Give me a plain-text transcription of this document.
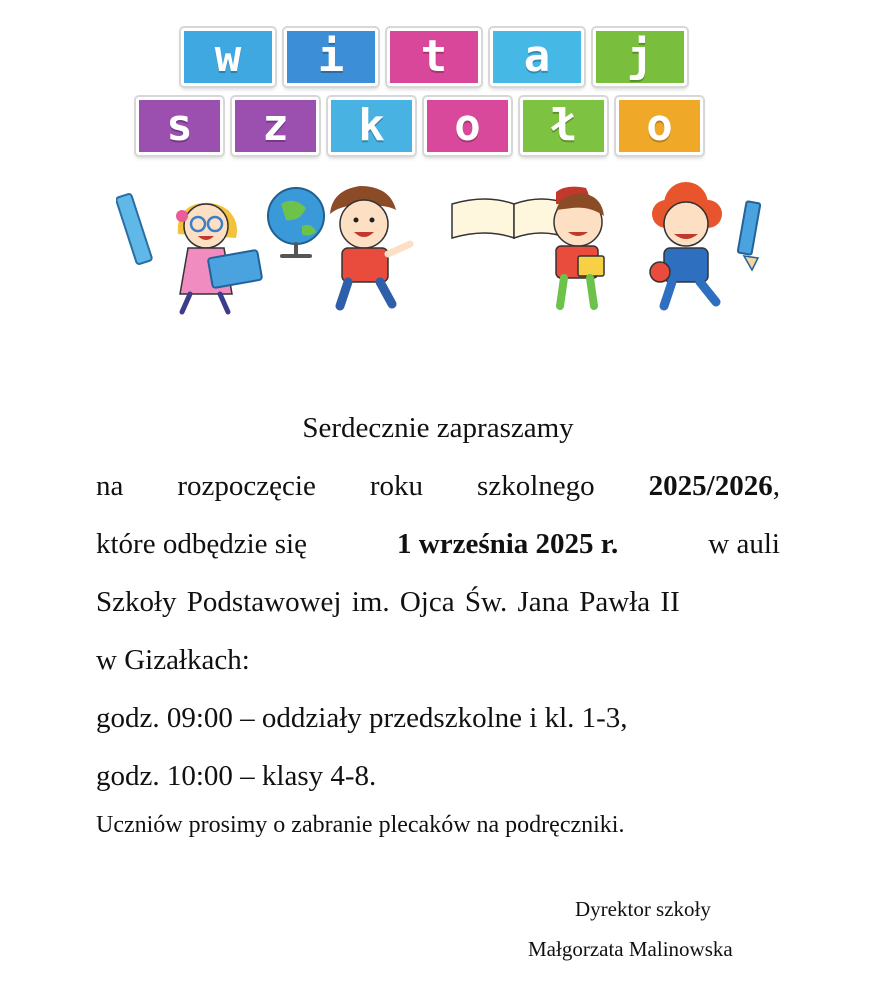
w	i	t	a	j
s	z	k	o	ł	o
Serdecznie zapraszamy
na rozpoczęcie roku szkolnego 2025/2026,
które odbędzie się	1 września 2025 r.	w auli
Szkoły Podstawowej im. Ojca Św. Jana Pawła II
w Gizałkach:
godz. 09:00 – oddziały przedszkolne i kl. 1-3,
godz. 10:00 – klasy 4-8.
Uczniów prosimy o zabranie plecaków na podręczniki.
Dyrektor szkoły
Małgorzata Malinowska
